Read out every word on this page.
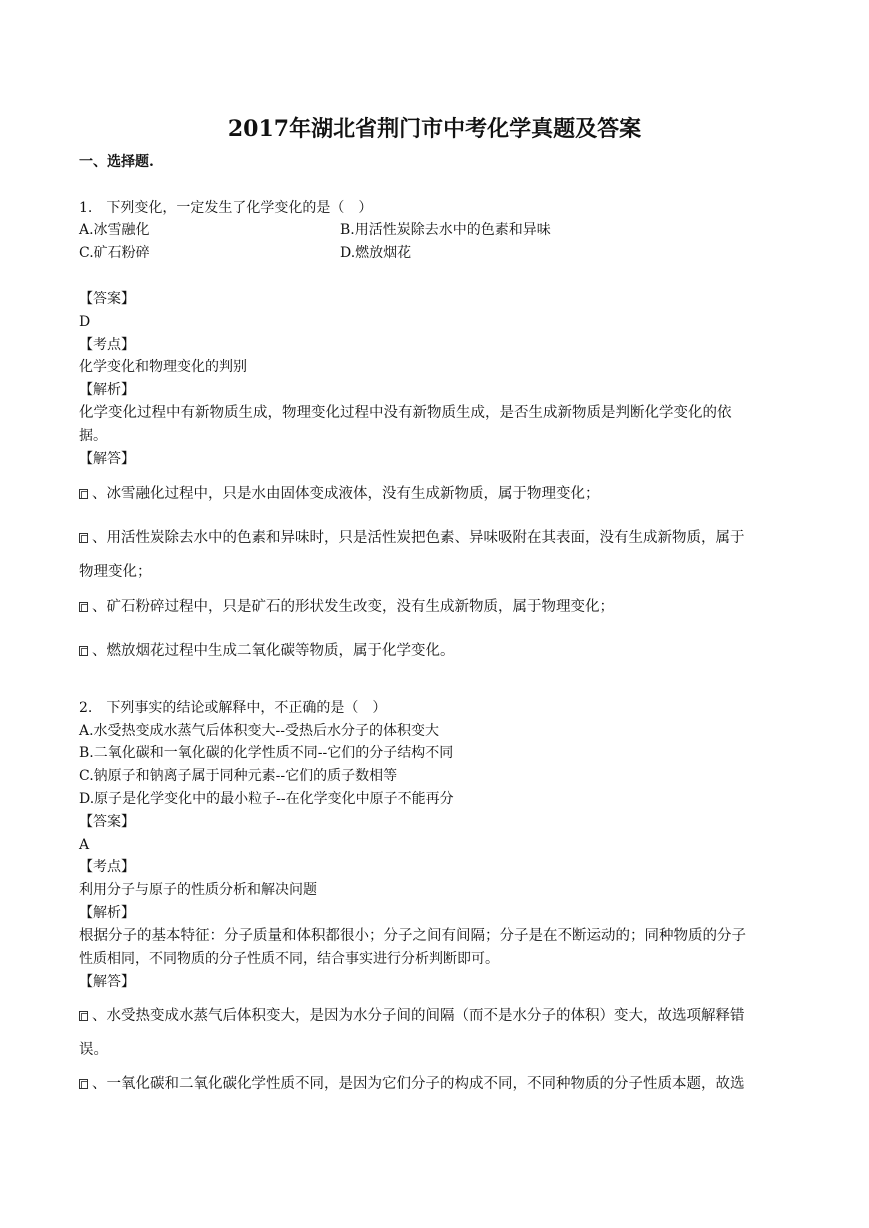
2017年湖北省荆门市中考化学真题及答案
一、选择题.
1.　下列变化，一定发生了化学变化的是（　）
A.冰雪融化	B.用活性炭除去水中的色素和异味
C.矿石粉碎	D.燃放烟花
【答案】
D
【考点】
化学变化和物理变化的判别
【解析】
化学变化过程中有新物质生成，物理变化过程中没有新物质生成，是否生成新物质是判断化学变化的依
据。
【解答】
、冰雪融化过程中，只是水由固体变成液体，没有生成新物质，属于物理变化；
、用活性炭除去水中的色素和异味时，只是活性炭把色素、异味吸附在其表面，没有生成新物质，属于
物理变化；
、矿石粉碎过程中，只是矿石的形状发生改变，没有生成新物质，属于物理变化；
、燃放烟花过程中生成二氧化碳等物质，属于化学变化。
2.　下列事实的结论或解释中，不正确的是（　）
A.水受热变成水蒸气后体积变大--受热后水分子的体积变大
B.二氧化碳和一氧化碳的化学性质不同--它们的分子结构不同
C.钠原子和钠离子属于同种元素--它们的质子数相等
D.原子是化学变化中的最小粒子--在化学变化中原子不能再分
【答案】
A
【考点】
利用分子与原子的性质分析和解决问题
【解析】
根据分子的基本特征：分子质量和体积都很小；分子之间有间隔；分子是在不断运动的；同种物质的分子
性质相同，不同物质的分子性质不同，结合事实进行分析判断即可。
【解答】
、水受热变成水蒸气后体积变大，是因为水分子间的间隔（而不是水分子的体积）变大，故选项解释错
误。
、一氧化碳和二氧化碳化学性质不同，是因为它们分子的构成不同，不同种物质的分子性质本题，故选
